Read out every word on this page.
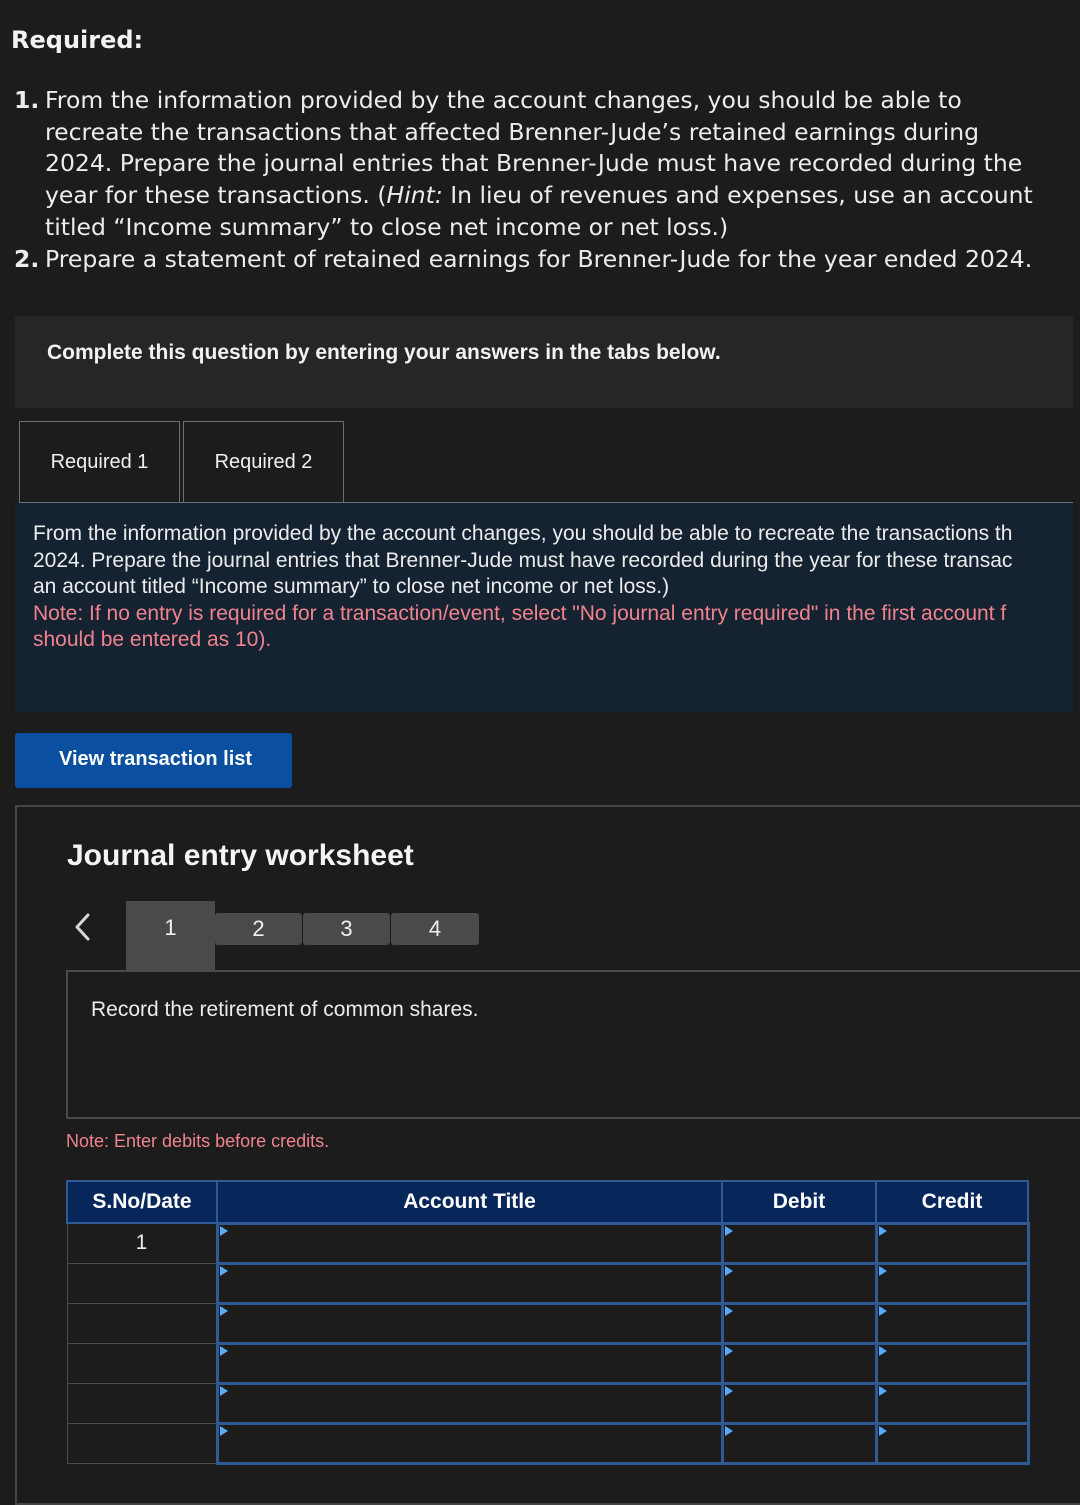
Required:
1. From the information provided by the account changes, you should be able to
recreate the transactions that affected Brenner-Jude’s retained earnings during
2024. Prepare the journal entries that Brenner-Jude must have recorded during the
year for these transactions. (Hint: In lieu of revenues and expenses, use an account
titled “Income summary” to close net income or net loss.)
2. Prepare a statement of retained earnings for Brenner-Jude for the year ended 2024.
Complete this question by entering your answers in the tabs below.
Required 1	Required 2
From the information provided by the account changes, you should be able to recreate the transactions th
2024. Prepare the journal entries that Brenner-Jude must have recorded during the year for these transac
an account titled “Income summary” to close net income or net loss.)
Note: If no entry is required for a transaction/event, select "No journal entry required" in the first account f
should be entered as 10).
View transaction list
Journal entry worksheet
1	2	3	4
Record the retirement of common shares.
Note: Enter debits before credits.
S.No/Date	Account Title	Debit	Credit
1	
